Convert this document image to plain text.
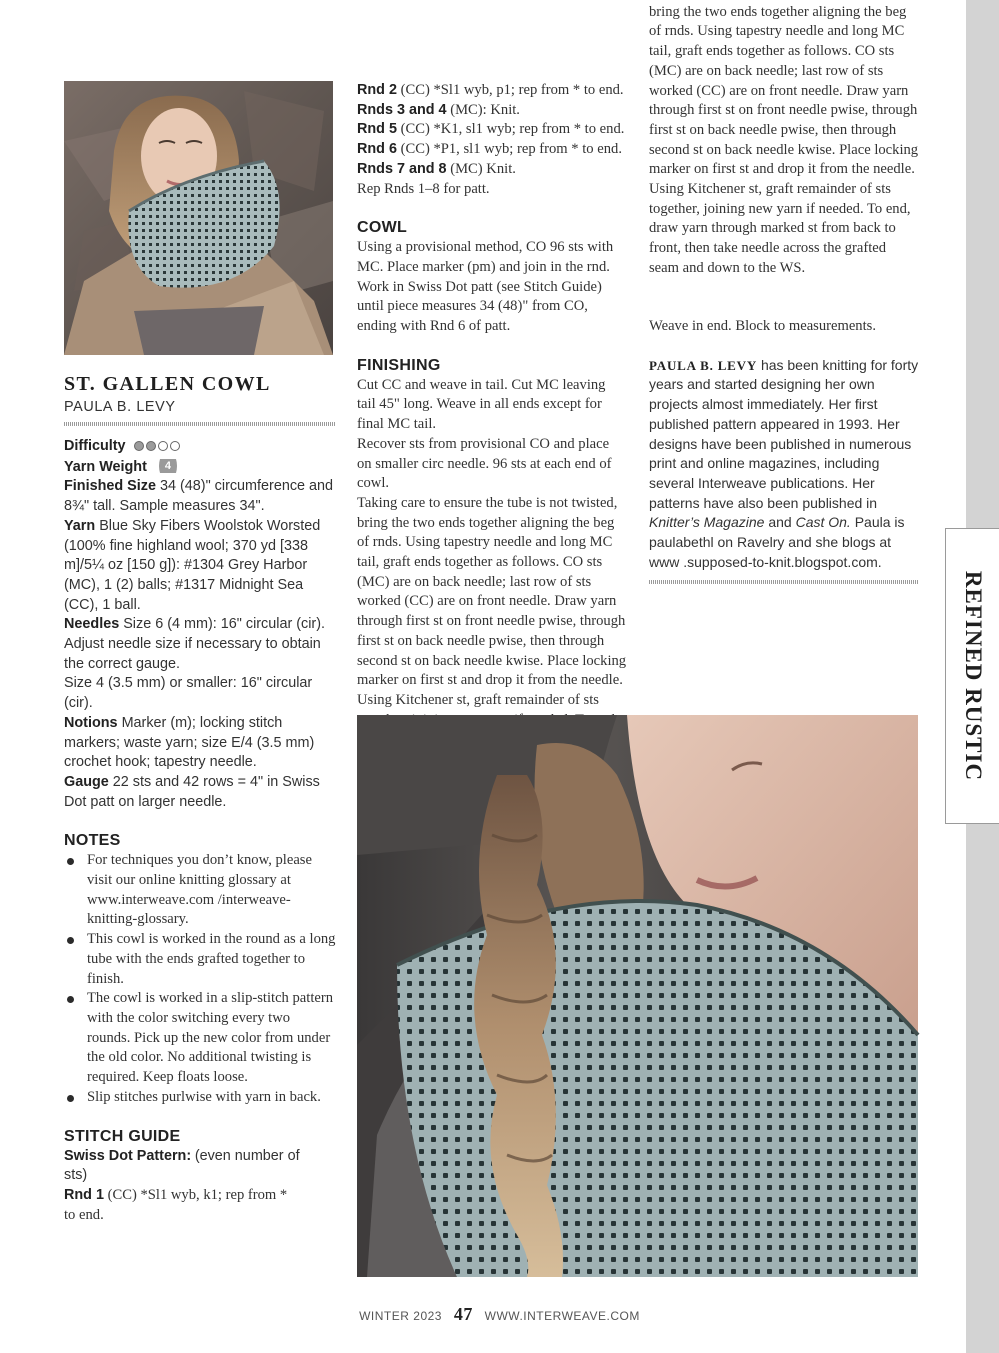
REFINED RUSTIC
ST. GALLEN COWL

PAULA B. LEVY

Difficulty
Yarn Weight	4

Finished Size 34 (48)" circumference and 8¾" tall. Sample measures 34".

Yarn Blue Sky Fibers Woolstok Worsted (100% fine highland wool; 370 yd [338 m]/5¼ oz [150 g]): #1304 Grey Harbor (MC), 1 (2) balls; #1317 Midnight Sea (CC), 1 ball.

Needles Size 6 (4 mm): 16" circular (cir). Adjust needle size if necessary to obtain the correct gauge.

Size 4 (3.5 mm) or smaller: 16" circular (cir).

Notions Marker (m); locking stitch markers; waste yarn; size E/4 (3.5 mm) crochet hook; tapestry needle.

Gauge 22 sts and 42 rows = 4" in Swiss Dot patt on larger needle.

NOTES
For techniques you don’t know, please visit our online knitting glossary at www.interweave.com /interweave-knitting-glossary.
This cowl is worked in the round as a long tube with the ends grafted together to finish.
The cowl is worked in a slip-stitch pattern with the color switching every two rounds. Pick up the new color from under the old color. No additional twisting is required. Keep floats loose.
Slip stitches purlwise with yarn in back.
STITCH GUIDE

Swiss Dot Pattern: (even number of sts)

Rnd 1 (CC) *Sl1 wyb, k1; rep from * to end.

Rnd 2 (CC) *Sl1 wyb, p1; rep from * to end.

Rnds 3 and 4 (MC): Knit.

Rnd 5 (CC) *K1, sl1 wyb; rep from * to end.

Rnd 6 (CC) *P1, sl1 wyb; rep from * to end.

Rnds 7 and 8 (MC) Knit.

Rep Rnds 1–8 for patt.

COWL

Using a provisional method, CO 96 sts with MC. Place marker (pm) and join in the rnd.

Work in Swiss Dot patt (see Stitch Guide) until piece measures 34 (48)" from CO, ending with Rnd 6 of patt.

FINISHING

Cut CC and weave in tail. Cut MC leaving tail 45" long. Weave in all ends except for final MC tail.

Recover sts from provisional CO and place on smaller circ needle. 96 sts at each end of cowl.

Taking care to ensure the tube is not twisted, bring the two ends together aligning the beg of rnds. Using tapestry needle and long MC tail, graft ends together as follows. CO sts (MC) are on back needle; last row of sts worked (CC) are on front needle. Draw yarn through first st on front needle pwise, through first st on back needle pwise, then through second st on back needle kwise. Place locking marker on first st and drop it from the needle. Using Kitchener st, graft remainder of sts

bring the two ends together aligning the beg of rnds. Using tapestry needle and long MC tail, graft ends together as follows. CO sts (MC) are on back needle; last row of sts worked (CC) are on front needle. Draw yarn through first st on front needle pwise, through first st on back needle pwise, then through second st on back needle kwise. Place locking marker on first st and drop it from the needle. Using Kitchener st, graft remainder of sts together, joining new yarn if needed. To end, draw yarn through marked st from back to front, then take needle across the grafted seam and down to the WS.

Weave in end. Block to measurements.

PAULA B. LEVY has been knitting for forty years and started designing her own projects almost immediately. Her first published pattern appeared in 1993. Her designs have been published in numerous print and online magazines, including several Interweave publications. Her patterns have also been published in Knitter’s Magazine and Cast On. Paula is paulabethl on Ravelry and she blogs at www .supposed-to-knit.blogspot.com.

WINTER 2023 47 WWW.INTERWEAVE.COM
